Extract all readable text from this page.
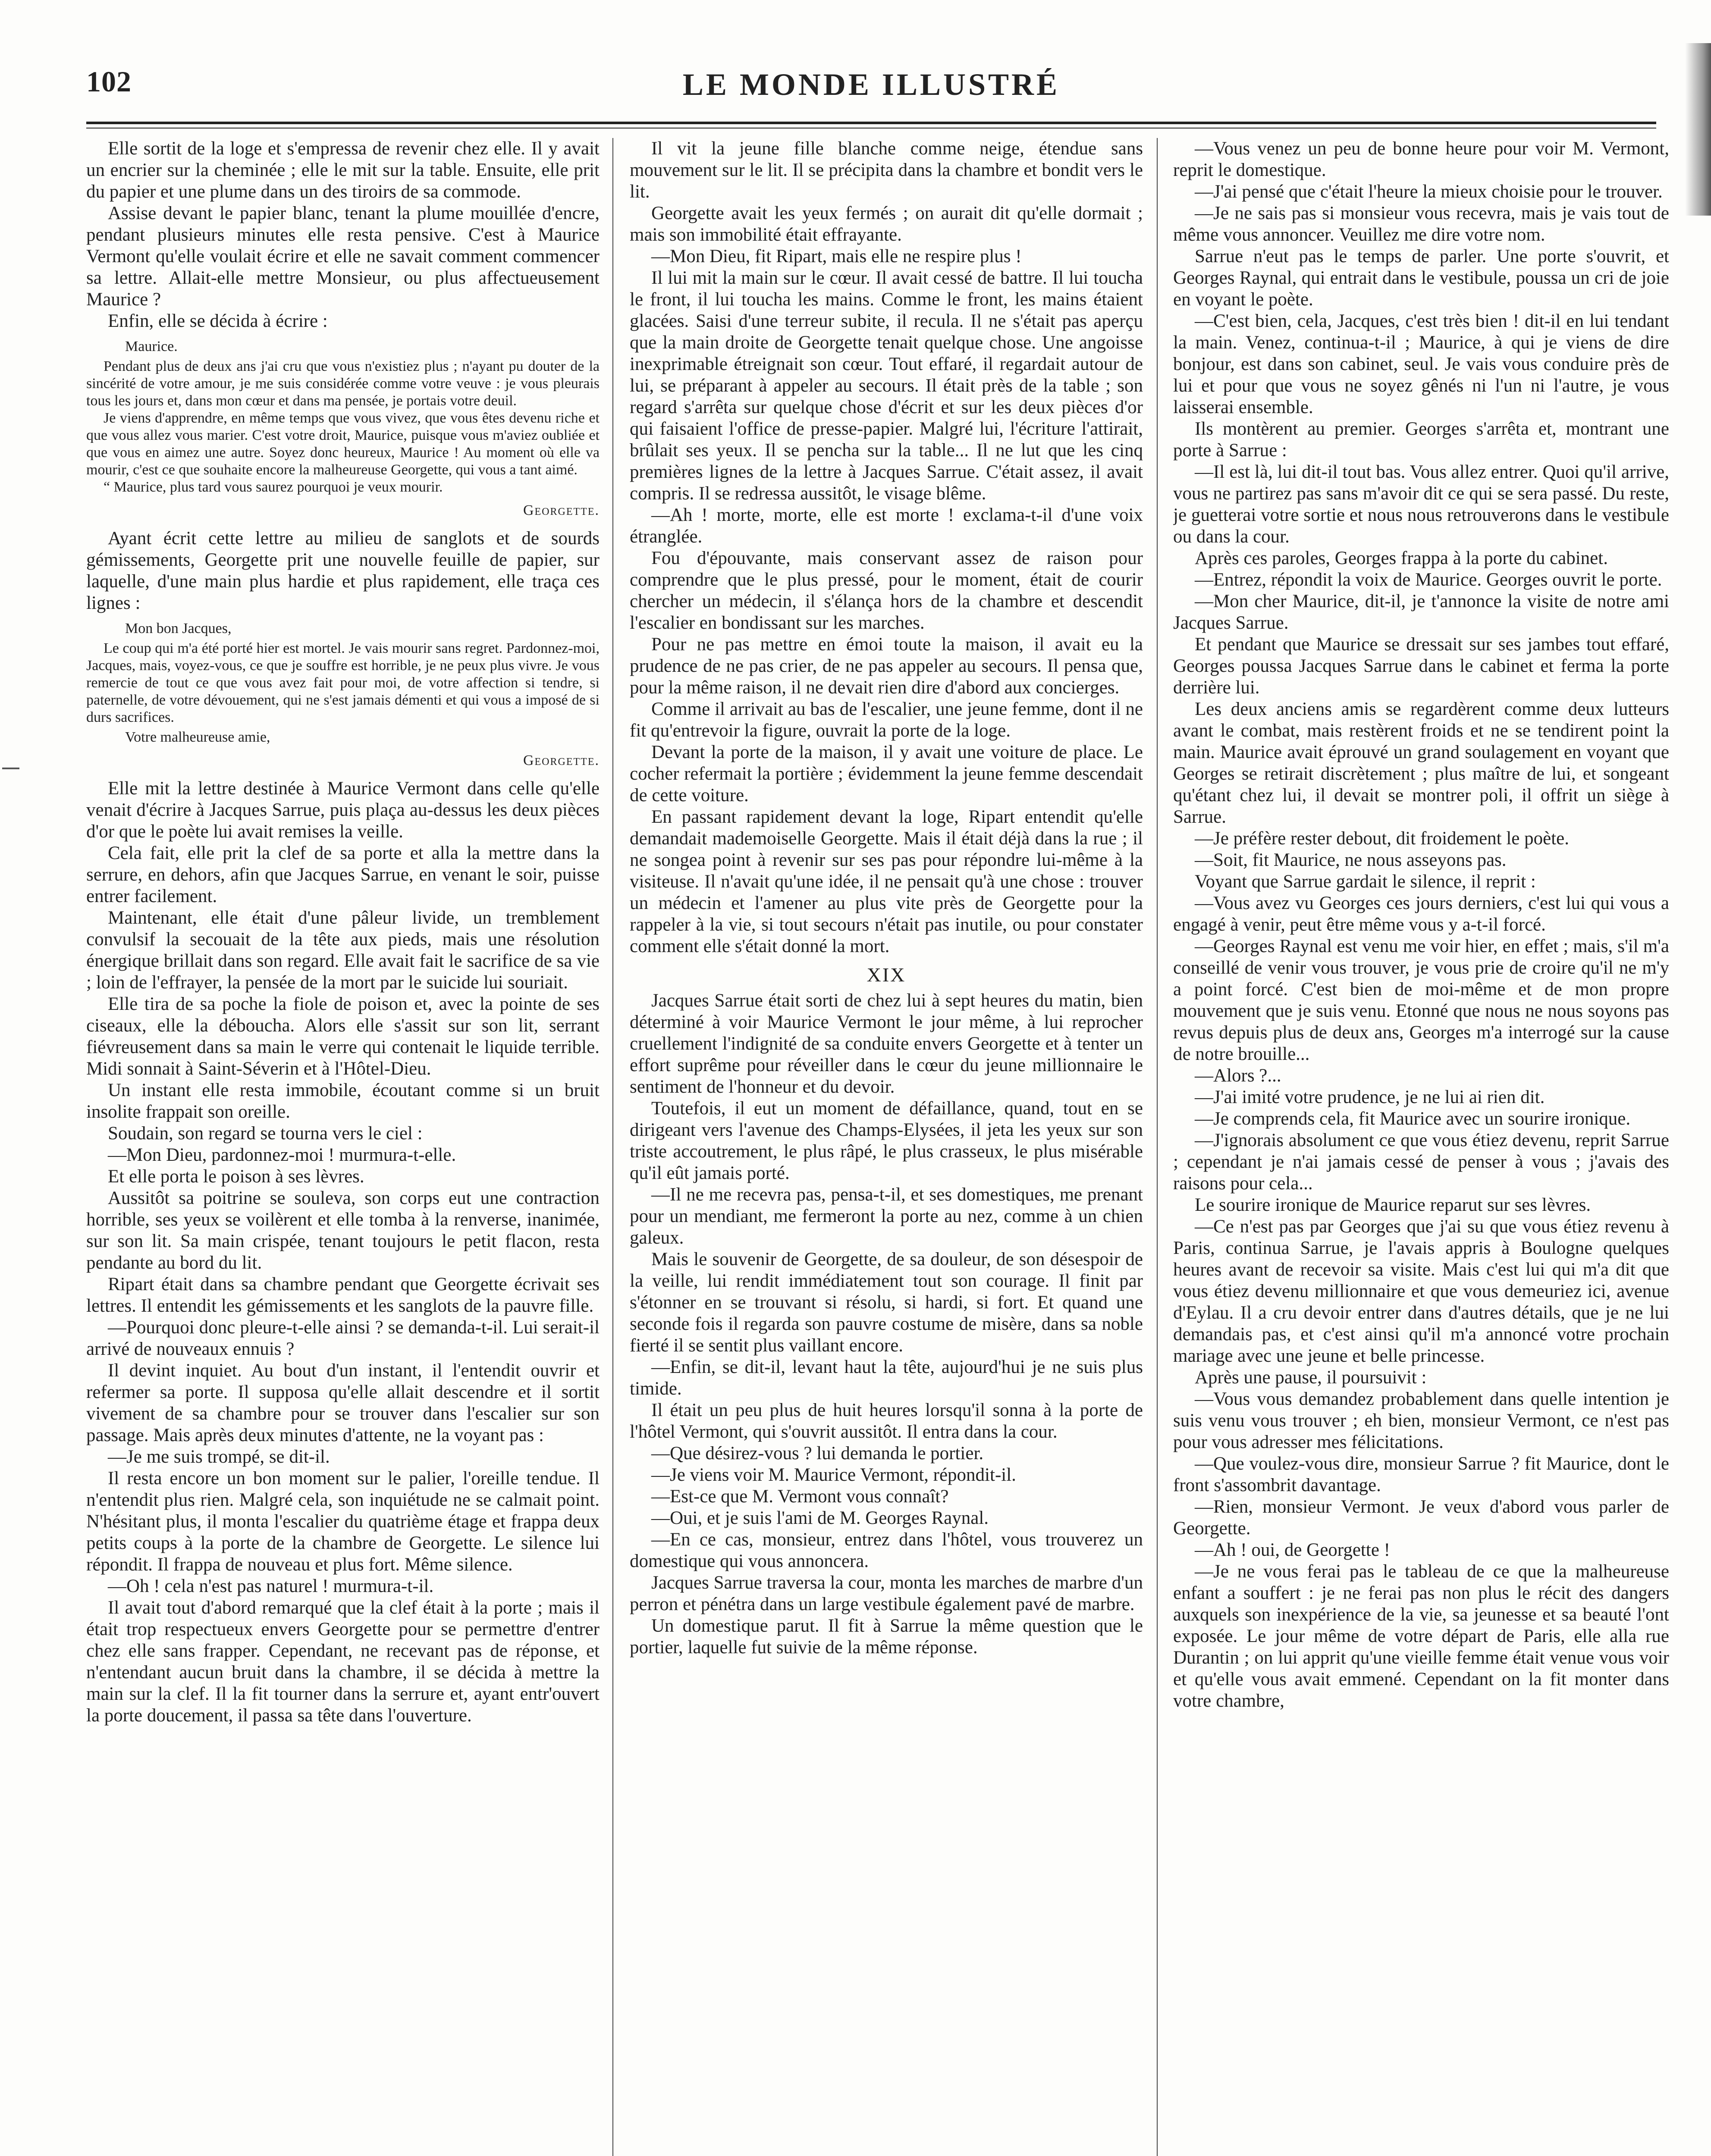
102	LE MONDE ILLUSTRÉ

Elle sortit de la loge et s'empressa de revenir chez elle. Il y avait un encrier sur la cheminée ; elle le mit sur la table. Ensuite, elle prit du papier et une plume dans un des tiroirs de sa commode.

Assise devant le papier blanc, tenant la plume mouillée d'encre, pendant plusieurs minutes elle resta pensive. C'est à Maurice Vermont qu'elle voulait écrire et elle ne savait comment commencer sa lettre. Allait-elle mettre Monsieur, ou plus affectueusement Maurice ?

Enfin, elle se décida à écrire :

Maurice.

Pendant plus de deux ans j'ai cru que vous n'existiez plus ; n'ayant pu douter de la sincérité de votre amour, je me suis considérée comme votre veuve : je vous pleurais tous les jours et, dans mon cœur et dans ma pensée, je portais votre deuil.

Je viens d'apprendre, en même temps que vous vivez, que vous êtes devenu riche et que vous allez vous marier. C'est votre droit, Maurice, puisque vous m'aviez oubliée et que vous en aimez une autre. Soyez donc heureux, Maurice ! Au moment où elle va mourir, c'est ce que souhaite encore la malheureuse Georgette, qui vous a tant aimé.

“ Maurice, plus tard vous saurez pourquoi je veux mourir.

Georgette.

Ayant écrit cette lettre au milieu de sanglots et de sourds gémissements, Georgette prit une nouvelle feuille de papier, sur laquelle, d'une main plus hardie et plus rapidement, elle traça ces lignes :

Mon bon Jacques,

Le coup qui m'a été porté hier est mortel. Je vais mourir sans regret. Pardonnez-moi, Jacques, mais, voyez-vous, ce que je souffre est horrible, je ne peux plus vivre. Je vous remercie de tout ce que vous avez fait pour moi, de votre affection si tendre, si paternelle, de votre dévouement, qui ne s'est jamais démenti et qui vous a imposé de si durs sacrifices.

Votre malheureuse amie,

Georgette.

Elle mit la lettre destinée à Maurice Vermont dans celle qu'elle venait d'écrire à Jacques Sarrue, puis plaça au-dessus les deux pièces d'or que le poète lui avait remises la veille.

Cela fait, elle prit la clef de sa porte et alla la mettre dans la serrure, en dehors, afin que Jacques Sarrue, en venant le soir, puisse entrer facilement.

Maintenant, elle était d'une pâleur livide, un tremblement convulsif la secouait de la tête aux pieds, mais une résolution énergique brillait dans son regard. Elle avait fait le sacrifice de sa vie ; loin de l'effrayer, la pensée de la mort par le suicide lui souriait.

Elle tira de sa poche la fiole de poison et, avec la pointe de ses ciseaux, elle la déboucha. Alors elle s'assit sur son lit, serrant fiévreusement dans sa main le verre qui contenait le liquide terrible. Midi sonnait à Saint-Séverin et à l'Hôtel-Dieu.

Un instant elle resta immobile, écoutant comme si un bruit insolite frappait son oreille.

Soudain, son regard se tourna vers le ciel :

—Mon Dieu, pardonnez-moi ! murmura-t-elle.

Et elle porta le poison à ses lèvres.

Aussitôt sa poitrine se souleva, son corps eut une contraction horrible, ses yeux se voilèrent et elle tomba à la renverse, inanimée, sur son lit. Sa main crispée, tenant toujours le petit flacon, resta pendante au bord du lit.

Ripart était dans sa chambre pendant que Georgette écrivait ses lettres. Il entendit les gémissements et les sanglots de la pauvre fille.

—Pourquoi donc pleure-t-elle ainsi ? se demanda-t-il. Lui serait-il arrivé de nouveaux ennuis ?

Il devint inquiet. Au bout d'un instant, il l'entendit ouvrir et refermer sa porte. Il supposa qu'elle allait descendre et il sortit vivement de sa chambre pour se trouver dans l'escalier sur son passage. Mais après deux minutes d'attente, ne la voyant pas :

—Je me suis trompé, se dit-il.

Il resta encore un bon moment sur le palier, l'oreille tendue. Il n'entendit plus rien. Malgré cela, son inquiétude ne se calmait point. N'hésitant plus, il monta l'escalier du quatrième étage et frappa deux petits coups à la porte de la chambre de Georgette. Le silence lui répondit. Il frappa de nouveau et plus fort. Même silence.

—Oh ! cela n'est pas naturel ! murmura-t-il.

Il avait tout d'abord remarqué que la clef était à la porte ; mais il était trop respectueux envers Georgette pour se permettre d'entrer chez elle sans frapper. Cependant, ne recevant pas de réponse, et n'entendant aucun bruit dans la chambre, il se décida à mettre la main sur la clef. Il la fit tourner dans la serrure et, ayant entr'ouvert la porte doucement, il passa sa tête dans l'ouverture.

Il vit la jeune fille blanche comme neige, étendue sans mouvement sur le lit. Il se précipita dans la chambre et bondit vers le lit.

Georgette avait les yeux fermés ; on aurait dit qu'elle dormait ; mais son immobilité était effrayante.

—Mon Dieu, fit Ripart, mais elle ne respire plus !

Il lui mit la main sur le cœur. Il avait cessé de battre. Il lui toucha le front, il lui toucha les mains. Comme le front, les mains étaient glacées. Saisi d'une terreur subite, il recula. Il ne s'était pas aperçu que la main droite de Georgette tenait quelque chose. Une angoisse inexprimable étreignait son cœur. Tout effaré, il regardait autour de lui, se préparant à appeler au secours. Il était près de la table ; son regard s'arrêta sur quelque chose d'écrit et sur les deux pièces d'or qui faisaient l'office de presse-papier. Malgré lui, l'écriture l'attirait, brûlait ses yeux. Il se pencha sur la table... Il ne lut que les cinq premières lignes de la lettre à Jacques Sarrue. C'était assez, il avait compris. Il se redressa aussitôt, le visage blême.

—Ah ! morte, morte, elle est morte ! exclama-t-il d'une voix étranglée.

Fou d'épouvante, mais conservant assez de raison pour comprendre que le plus pressé, pour le moment, était de courir chercher un médecin, il s'élança hors de la chambre et descendit l'escalier en bondissant sur les marches.

Pour ne pas mettre en émoi toute la maison, il avait eu la prudence de ne pas crier, de ne pas appeler au secours. Il pensa que, pour la même raison, il ne devait rien dire d'abord aux concierges.

Comme il arrivait au bas de l'escalier, une jeune femme, dont il ne fit qu'entrevoir la figure, ouvrait la porte de la loge.

Devant la porte de la maison, il y avait une voiture de place. Le cocher refermait la portière ; évidemment la jeune femme descendait de cette voiture.

En passant rapidement devant la loge, Ripart entendit qu'elle demandait mademoiselle Georgette. Mais il était déjà dans la rue ; il ne songea point à revenir sur ses pas pour répondre lui-même à la visiteuse. Il n'avait qu'une idée, il ne pensait qu'à une chose : trouver un médecin et l'amener au plus vite près de Georgette pour la rappeler à la vie, si tout secours n'était pas inutile, ou pour constater comment elle s'était donné la mort.

XIX

Jacques Sarrue était sorti de chez lui à sept heures du matin, bien déterminé à voir Maurice Vermont le jour même, à lui reprocher cruellement l'indignité de sa conduite envers Georgette et à tenter un effort suprême pour réveiller dans le cœur du jeune millionnaire le sentiment de l'honneur et du devoir.

Toutefois, il eut un moment de défaillance, quand, tout en se dirigeant vers l'avenue des Champs-Elysées, il jeta les yeux sur son triste accoutrement, le plus râpé, le plus crasseux, le plus misérable qu'il eût jamais porté.

—Il ne me recevra pas, pensa-t-il, et ses domestiques, me prenant pour un mendiant, me fermeront la porte au nez, comme à un chien galeux.

Mais le souvenir de Georgette, de sa douleur, de son désespoir de la veille, lui rendit immédiatement tout son courage. Il finit par s'étonner en se trouvant si résolu, si hardi, si fort. Et quand une seconde fois il regarda son pauvre costume de misère, dans sa noble fierté il se sentit plus vaillant encore.

—Enfin, se dit-il, levant haut la tête, aujourd'hui je ne suis plus timide.

Il était un peu plus de huit heures lorsqu'il sonna à la porte de l'hôtel Vermont, qui s'ouvrit aussitôt. Il entra dans la cour.

—Que désirez-vous ? lui demanda le portier.

—Je viens voir M. Maurice Vermont, répondit-il.

—Est-ce que M. Vermont vous connaît?

—Oui, et je suis l'ami de M. Georges Raynal.

—En ce cas, monsieur, entrez dans l'hôtel, vous trouverez un domestique qui vous annoncera.

Jacques Sarrue traversa la cour, monta les marches de marbre d'un perron et pénétra dans un large vestibule également pavé de marbre.

Un domestique parut. Il fit à Sarrue la même question que le portier, laquelle fut suivie de la même réponse.

—Vous venez un peu de bonne heure pour voir M. Vermont, reprit le domestique.

—J'ai pensé que c'était l'heure la mieux choisie pour le trouver.

—Je ne sais pas si monsieur vous recevra, mais je vais tout de même vous annoncer. Veuillez me dire votre nom.

Sarrue n'eut pas le temps de parler. Une porte s'ouvrit, et Georges Raynal, qui entrait dans le vestibule, poussa un cri de joie en voyant le poète.

—C'est bien, cela, Jacques, c'est très bien ! dit-il en lui tendant la main. Venez, continua-t-il ; Maurice, à qui je viens de dire bonjour, est dans son cabinet, seul. Je vais vous conduire près de lui et pour que vous ne soyez gênés ni l'un ni l'autre, je vous laisserai ensemble.

Ils montèrent au premier. Georges s'arrêta et, montrant une porte à Sarrue :

—Il est là, lui dit-il tout bas. Vous allez entrer. Quoi qu'il arrive, vous ne partirez pas sans m'avoir dit ce qui se sera passé. Du reste, je guetterai votre sortie et nous nous retrouverons dans le vestibule ou dans la cour.

Après ces paroles, Georges frappa à la porte du cabinet.

—Entrez, répondit la voix de Maurice. Georges ouvrit le porte.

—Mon cher Maurice, dit-il, je t'annonce la visite de notre ami Jacques Sarrue.

Et pendant que Maurice se dressait sur ses jambes tout effaré, Georges poussa Jacques Sarrue dans le cabinet et ferma la porte derrière lui.

Les deux anciens amis se regardèrent comme deux lutteurs avant le combat, mais restèrent froids et ne se tendirent point la main. Maurice avait éprouvé un grand soulagement en voyant que Georges se retirait discrètement ; plus maître de lui, et songeant qu'étant chez lui, il devait se montrer poli, il offrit un siège à Sarrue.

—Je préfère rester debout, dit froidement le poète.

—Soit, fit Maurice, ne nous asseyons pas.

Voyant que Sarrue gardait le silence, il reprit :

—Vous avez vu Georges ces jours derniers, c'est lui qui vous a engagé à venir, peut être même vous y a-t-il forcé.

—Georges Raynal est venu me voir hier, en effet ; mais, s'il m'a conseillé de venir vous trouver, je vous prie de croire qu'il ne m'y a point forcé. C'est bien de moi-même et de mon propre mouvement que je suis venu. Etonné que nous ne nous soyons pas revus depuis plus de deux ans, Georges m'a interrogé sur la cause de notre brouille...

—Alors ?...

—J'ai imité votre prudence, je ne lui ai rien dit.

—Je comprends cela, fit Maurice avec un sourire ironique.

—J'ignorais absolument ce que vous étiez devenu, reprit Sarrue ; cependant je n'ai jamais cessé de penser à vous ; j'avais des raisons pour cela...

Le sourire ironique de Maurice reparut sur ses lèvres.

—Ce n'est pas par Georges que j'ai su que vous étiez revenu à Paris, continua Sarrue, je l'avais appris à Boulogne quelques heures avant de recevoir sa visite. Mais c'est lui qui m'a dit que vous étiez devenu millionnaire et que vous demeuriez ici, avenue d'Eylau. Il a cru devoir entrer dans d'autres détails, que je ne lui demandais pas, et c'est ainsi qu'il m'a annoncé votre prochain mariage avec une jeune et belle princesse.

Après une pause, il poursuivit :

—Vous vous demandez probablement dans quelle intention je suis venu vous trouver ; eh bien, monsieur Vermont, ce n'est pas pour vous adresser mes félicitations.

—Que voulez-vous dire, monsieur Sarrue ? fit Maurice, dont le front s'assombrit davantage.

—Rien, monsieur Vermont. Je veux d'abord vous parler de Georgette.

—Ah ! oui, de Georgette !

—Je ne vous ferai pas le tableau de ce que la malheureuse enfant a souffert : je ne ferai pas non plus le récit des dangers auxquels son inexpérience de la vie, sa jeunesse et sa beauté l'ont exposée. Le jour même de votre départ de Paris, elle alla rue Durantin ; on lui apprit qu'une vieille femme était venue vous voir et qu'elle vous avait emmené. Cependant on la fit monter dans votre chambre,
